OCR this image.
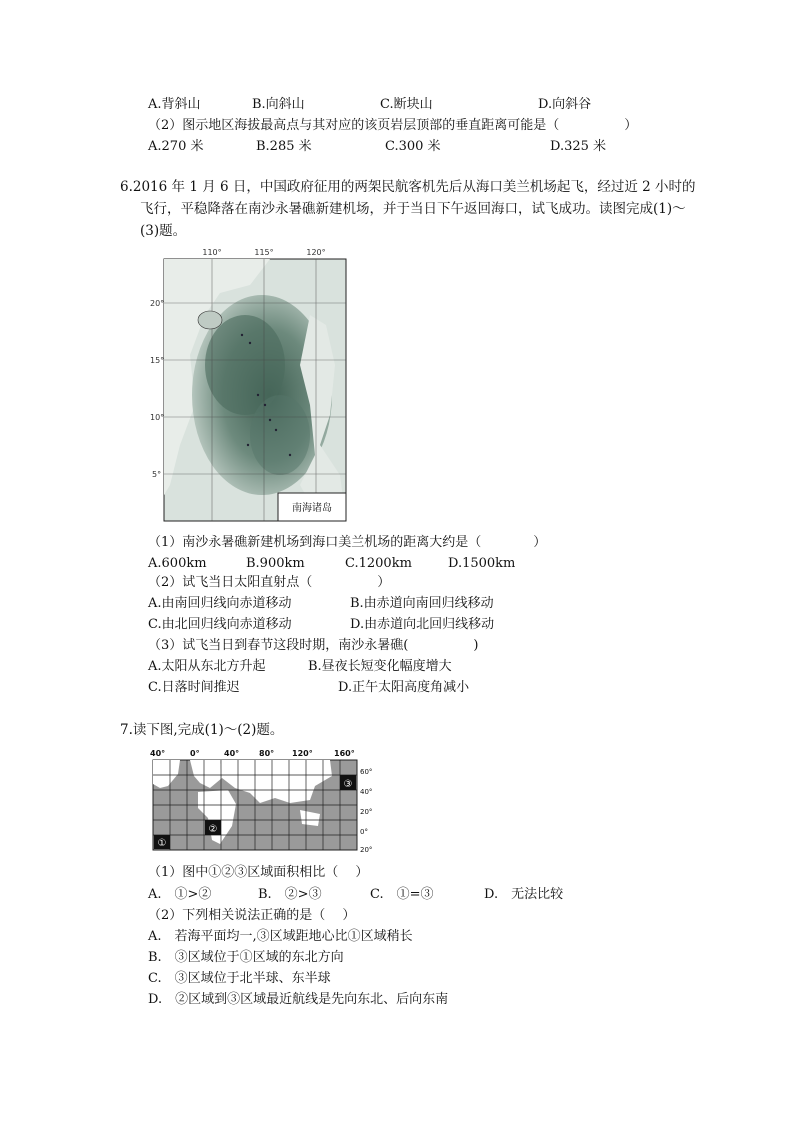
A.背斜山	B.向斜山	C.断块山	D.向斜谷
（2）图示地区海拔最高点与其对应的该页岩层顶部的垂直距离可能是（　　　　　）
A.270 米	B.285 米	C.300 米	D.325 米
6.2016 年 1 月 6 日，中国政府征用的两架民航客机先后从海口美兰机场起飞，经过近 2 小时的
飞行，平稳降落在南沙永暑礁新建机场，并于当日下午返回海口，试飞成功。读图完成(1)～
(3)题。
南海诸岛
110°	115°	120°
20°
15°
10°
5°
（1）南沙永暑礁新建机场到海口美兰机场的距离大约是（　　　　）
A.600km	B.900km	C.1200km	D.1500km
（2）试飞当日太阳直射点（　　　　　）
A.由南回归线向赤道移动	B.由赤道向南回归线移动
C.由北回归线向赤道移动	D.由赤道向北回归线移动
（3）试飞当日到春节这段时期，南沙永暑礁(　　　　　)
A.太阳从东北方升起	B.昼夜长短变化幅度增大
C.日落时间推迟	D.正午太阳高度角减小
7.读下图,完成(1)～(2)题。
40°	0°	40° 80° 120°	160°
①
②
③
60°
40°
20°
0°
20°
（1）图中①②③区域面积相比（　 ）
A.　①>②	B.　②>③	C.　①=③	D.　无法比较
（2）下列相关说法正确的是（　 ）
A.　若海平面均一,③区域距地心比①区域稍长
B.　③区域位于①区域的东北方向
C.　③区域位于北半球、东半球
D.　②区域到③区域最近航线是先向东北、后向东南
